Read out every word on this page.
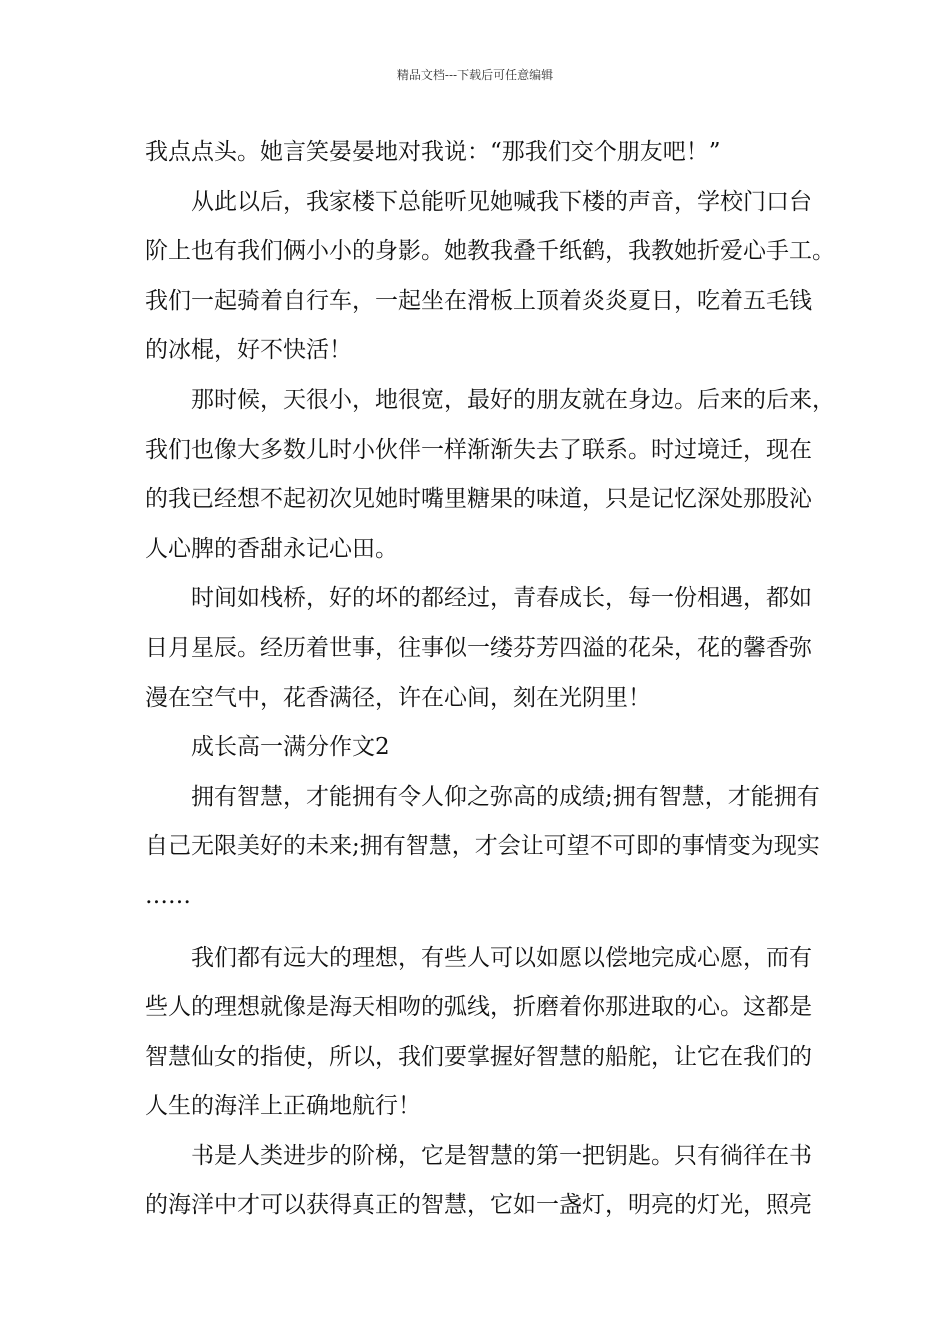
精品文档---下载后可任意编辑
我点点头。她言笑晏晏地对我说：“那我们交个朋友吧！”
从此以后，我家楼下总能听见她喊我下楼的声音，学校门口台
阶上也有我们俩小小的身影。她教我叠千纸鹤，我教她折爱心手工。
我们一起骑着自行车，一起坐在滑板上顶着炎炎夏日，吃着五毛钱
的冰棍，好不快活！
那时候，天很小，地很宽，最好的朋友就在身边。后来的后来，
我们也像大多数儿时小伙伴一样渐渐失去了联系。时过境迁，现在
的我已经想不起初次见她时嘴里糖果的味道，只是记忆深处那股沁
人心脾的香甜永记心田。
时间如栈桥，好的坏的都经过，青春成长，每一份相遇，都如
日月星辰。经历着世事，往事似一缕芬芳四溢的花朵，花的馨香弥
漫在空气中，花香满径，许在心间，刻在光阴里！
成长高一满分作文2
拥有智慧，才能拥有令人仰之弥高的成绩;拥有智慧，才能拥有
自己无限美好的未来;拥有智慧，才会让可望不可即的事情变为现实
……
我们都有远大的理想，有些人可以如愿以偿地完成心愿，而有
些人的理想就像是海天相吻的弧线，折磨着你那进取的心。这都是
智慧仙女的指使，所以，我们要掌握好智慧的船舵，让它在我们的
人生的海洋上正确地航行！
书是人类进步的阶梯，它是智慧的第一把钥匙。只有徜徉在书
的海洋中才可以获得真正的智慧，它如一盏灯，明亮的灯光，照亮
